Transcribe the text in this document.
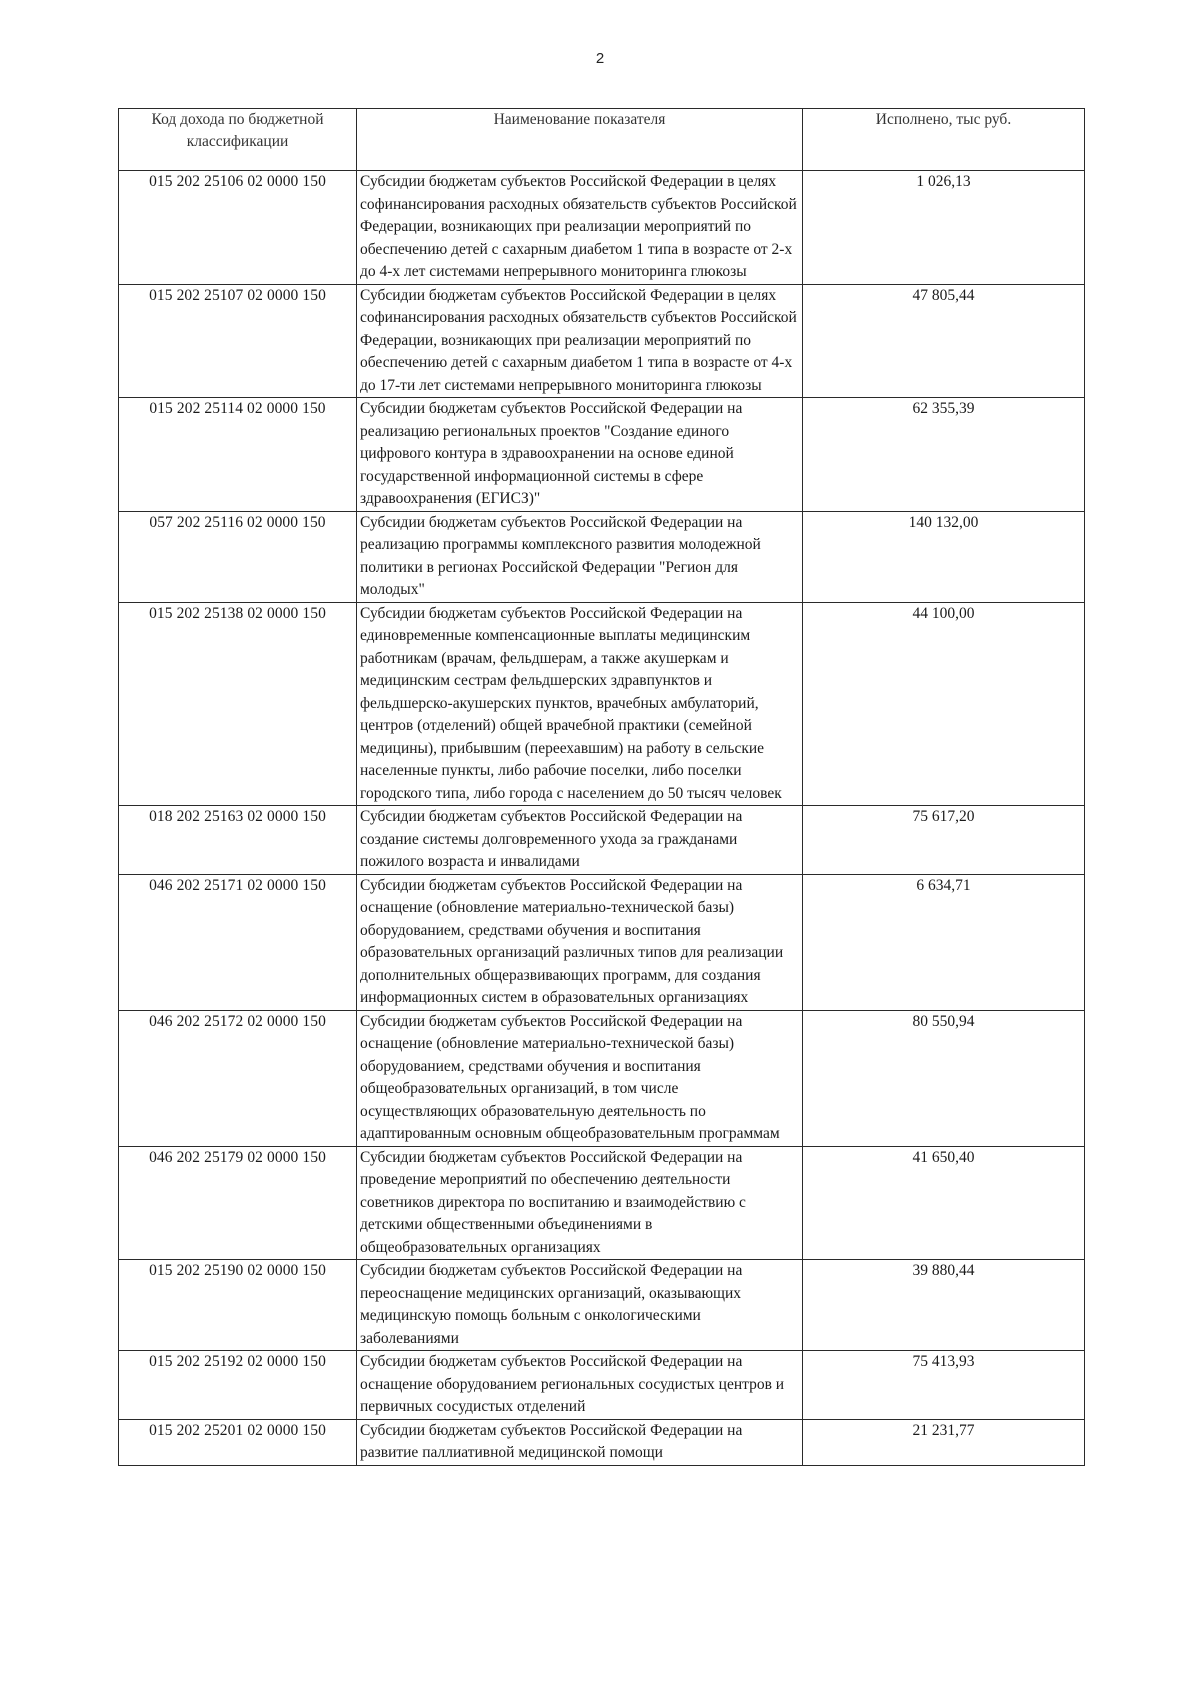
2
Код дохода по бюджетной классификации	Наименование показателя	Исполнено, тыс руб.
015 202 25106 02 0000 150	Субсидии бюджетам субъектов Российской Федерации в целях софинансирования расходных обязательств субъектов Российской Федерации, возникающих при реализации мероприятий по обеспечению детей с сахарным диабетом 1 типа в возрасте от 2-х до 4-х лет системами непрерывного мониторинга глюкозы	1 026,13
015 202 25107 02 0000 150	Субсидии бюджетам субъектов Российской Федерации в целях софинансирования расходных обязательств субъектов Российской Федерации, возникающих при реализации мероприятий по обеспечению детей с сахарным диабетом 1 типа в возрасте от 4-х до 17-ти лет системами непрерывного мониторинга глюкозы	47 805,44
015 202 25114 02 0000 150	Субсидии бюджетам субъектов Российской Федерации на реализацию региональных проектов "Создание единого цифрового контура в здравоохранении на основе единой государственной информационной системы в сфере здравоохранения (ЕГИСЗ)"	62 355,39
057 202 25116 02 0000 150	Субсидии бюджетам субъектов Российской Федерации на реализацию программы комплексного развития молодежной политики в регионах Российской Федерации "Регион для молодых"	140 132,00
015 202 25138 02 0000 150	Субсидии бюджетам субъектов Российской Федерации на единовременные компенсационные выплаты медицинским работникам (врачам, фельдшерам, а также акушеркам и медицинским сестрам фельдшерских здравпунктов и фельдшерско-акушерских пунктов, врачебных амбулаторий, центров (отделений) общей врачебной практики (семейной медицины), прибывшим (переехавшим) на работу в сельские населенные пункты, либо рабочие поселки, либо поселки городского типа, либо города с населением до 50 тысяч человек	44 100,00
018 202 25163 02 0000 150	Субсидии бюджетам субъектов Российской Федерации на создание системы долговременного ухода за гражданами пожилого возраста и инвалидами	75 617,20
046 202 25171 02 0000 150	Субсидии бюджетам субъектов Российской Федерации на оснащение (обновление материально-технической базы) оборудованием, средствами обучения и воспитания образовательных организаций различных типов для реализации дополнительных общеразвивающих программ, для создания информационных систем в образовательных организациях	6 634,71
046 202 25172 02 0000 150	Субсидии бюджетам субъектов Российской Федерации на оснащение (обновление материально-технической базы) оборудованием, средствами обучения и воспитания общеобразовательных организаций, в том числе осуществляющих образовательную деятельность по адаптированным основным общеобразовательным программам	80 550,94
046 202 25179 02 0000 150	Субсидии бюджетам субъектов Российской Федерации на проведение мероприятий по обеспечению деятельности советников директора по воспитанию и взаимодействию с детскими общественными объединениями в общеобразовательных организациях	41 650,40
015 202 25190 02 0000 150	Субсидии бюджетам субъектов Российской Федерации на переоснащение медицинских организаций, оказывающих медицинскую помощь больным с онкологическими заболеваниями	39 880,44
015 202 25192 02 0000 150	Субсидии бюджетам субъектов Российской Федерации на оснащение оборудованием региональных сосудистых центров и первичных сосудистых отделений	75 413,93
015 202 25201 02 0000 150	Субсидии бюджетам субъектов Российской Федерации на развитие паллиативной медицинской помощи	21 231,77
